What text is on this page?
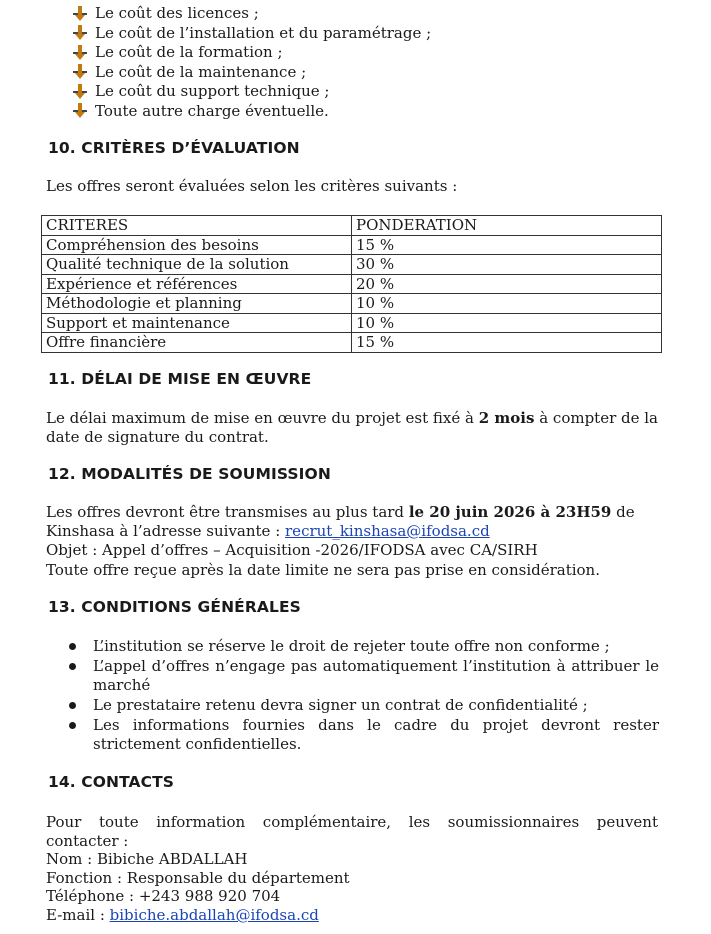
Le coût des licences ;
Le coût de l’installation et du paramétrage ;
Le coût de la formation ;
Le coût de la maintenance ;
Le coût du support technique ;
Toute autre charge éventuelle.
10. CRITÈRES D’ÉVALUATION

Les offres seront évaluées selon les critères suivants :

CRITERES	PONDERATION
Compréhension des besoins	15 %
Qualité technique de la solution	30 %
Expérience et références	20 %
Méthodologie et planning	10 %
Support et maintenance	10 %
Offre financière	15 %
11. DÉLAI DE MISE EN ŒUVRE

Le délai maximum de mise en œuvre du projet est fixé à 2 mois à compter de la date de signature du contrat.

12. MODALITÉS DE SOUMISSION

Les offres devront être transmises au plus tard le 20 juin 2026 à 23H59 de

Kinshasa à l’adresse suivante : recrut_kinshasa@ifodsa.cd

Objet : Appel d’offres – Acquisition -2026/IFODSA avec CA/SIRH

Toute offre reçue après la date limite ne sera pas prise en considération.

13. CONDITIONS GÉNÉRALES
L’institution se réserve le droit de rejeter toute offre non conforme ;
L’appel d’offres n’engage pas automatiquement l’institution à attribuer le marché
Le prestataire retenu devra signer un contrat de confidentialité ;
Les informations fournies dans le cadre du projet devront rester strictement confidentielles.
14. CONTACTS

Pour toute information complémentaire, les soumissionnaires peuvent contacter :

Nom : Bibiche ABDALLAH

Fonction : Responsable du département

Téléphone : +243 988 920 704

E-mail : bibiche.abdallah@ifodsa.cd
